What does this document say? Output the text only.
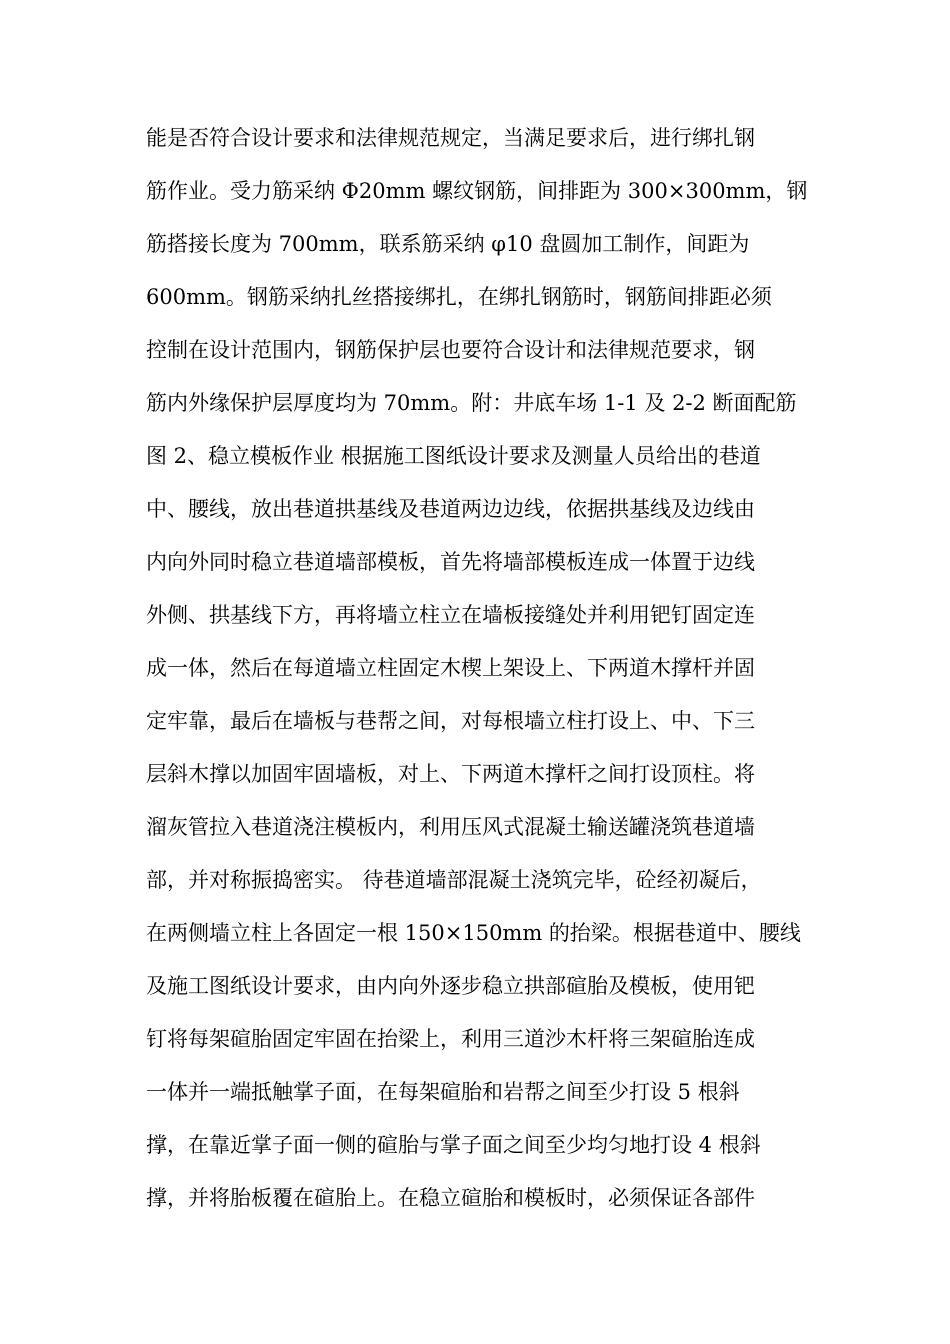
能是否符合设计要求和法律规范规定，当满足要求后，进行绑扎钢
筋作业。受力筋采纳 Φ20mm 螺纹钢筋，间排距为 300×300mm，钢
筋搭接长度为 700mm，联系筋采纳 φ10 盘圆加工制作，间距为
600mm。钢筋采纳扎丝搭接绑扎，在绑扎钢筋时，钢筋间排距必须
控制在设计范围内，钢筋保护层也要符合设计和法律规范要求，钢
筋内外缘保护层厚度均为 70mm。附：井底车场 1-1 及 2-2 断面配筋
图 2、稳立模板作业 根据施工图纸设计要求及测量人员给出的巷道
中、腰线，放出巷道拱基线及巷道两边边线，依据拱基线及边线由
内向外同时稳立巷道墙部模板，首先将墙部模板连成一体置于边线
外侧、拱基线下方，再将墙立柱立在墙板接缝处并利用钯钉固定连
成一体，然后在每道墙立柱固定木楔上架设上、下两道木撑杆并固
定牢靠，最后在墙板与巷帮之间，对每根墙立柱打设上、中、下三
层斜木撑以加固牢固墙板，对上、下两道木撑杆之间打设顶柱。将
溜灰管拉入巷道浇注模板内，利用压风式混凝土输送罐浇筑巷道墙
部，并对称振捣密实。 待巷道墙部混凝土浇筑完毕，砼经初凝后，
在两侧墙立柱上各固定一根 150×150mm 的抬梁。根据巷道中、腰线
及施工图纸设计要求，由内向外逐步稳立拱部碹胎及模板，使用钯
钉将每架碹胎固定牢固在抬梁上，利用三道沙木杆将三架碹胎连成
一体并一端抵触掌子面，在每架碹胎和岩帮之间至少打设 5 根斜
撑，在靠近掌子面一侧的碹胎与掌子面之间至少均匀地打设 4 根斜
撑，并将胎板覆在碹胎上。在稳立碹胎和模板时，必须保证各部件
